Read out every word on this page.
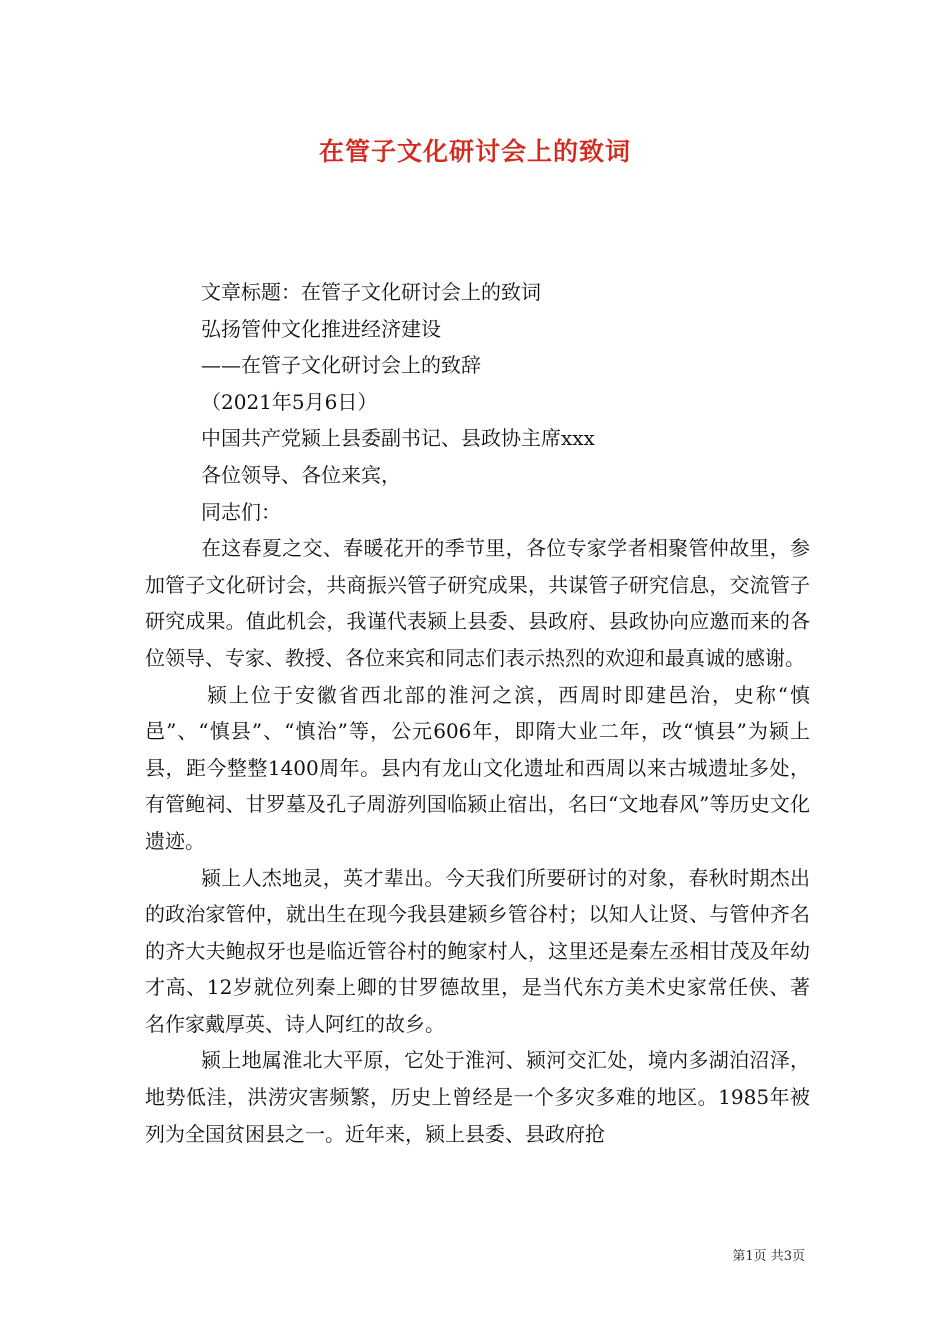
在管子文化研讨会上的致词
文章标题：在管子文化研讨会上的致词
弘扬管仲文化推进经济建设
——在管子文化研讨会上的致辞
（2021年5月6日）
中国共产党颍上县委副书记、县政协主席xxx
各位领导、各位来宾，
同志们：

在这春夏之交、春暖花开的季节里，各位专家学者相聚管仲故里，参加管子文化研讨会，共商振兴管子研究成果，共谋管子研究信息，交流管子研究成果。值此机会，我谨代表颍上县委、县政府、县政协向应邀而来的各位领导、专家、教授、各位来宾和同志们表示热烈的欢迎和最真诚的感谢。

颍上位于安徽省西北部的淮河之滨，西周时即建邑治，史称“慎邑”、“慎县”、“慎治”等，公元606年，即隋大业二年，改“慎县”为颍上县，距今整整1400周年。县内有龙山文化遗址和西周以来古城遗址多处，有管鲍祠、甘罗墓及孔子周游列国临颍止宿出，名曰“文地春风”等历史文化遗迹。

颍上人杰地灵，英才辈出。今天我们所要研讨的对象，春秋时期杰出的政治家管仲，就出生在现今我县建颍乡管谷村；以知人让贤、与管仲齐名的齐大夫鲍叔牙也是临近管谷村的鲍家村人，这里还是秦左丞相甘茂及年幼才高、12岁就位列秦上卿的甘罗德故里，是当代东方美术史家常任侠、著名作家戴厚英、诗人阿红的故乡。

颍上地属淮北大平原，它处于淮河、颍河交汇处，境内多湖泊沼泽，地势低洼，洪涝灾害频繁，历史上曾经是一个多灾多难的地区。1985年被列为全国贫困县之一。近年来，颍上县委、县政府抢

第1页 共3页
